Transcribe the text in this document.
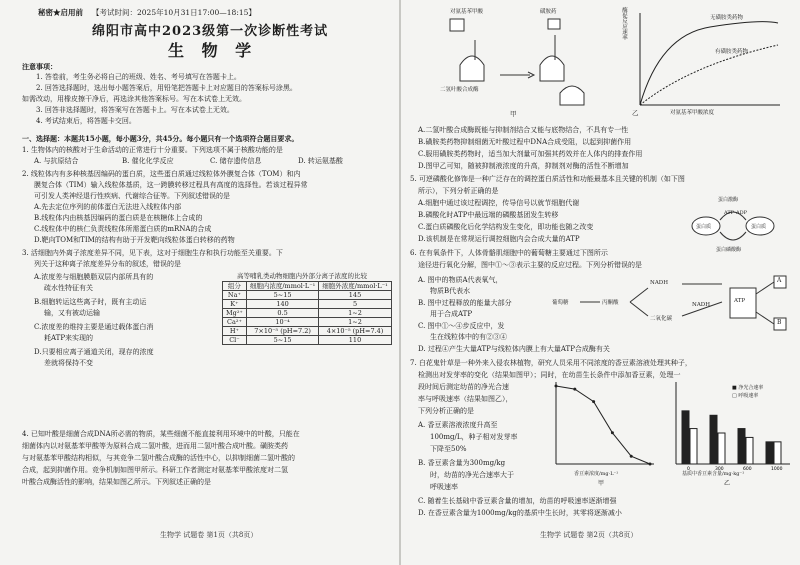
秘密★启用前 【考试时间：2025年10月31日17:00—18:15】
绵阳市高中2023级第一次诊断性考试
生 物 学
注意事项：
1. 答卷前，考生务必将自己的班级、姓名、考号填写在答题卡上。
2. 回答选择题时，选出每小题答案后，用铅笔把答题卡上对应题目的答案标号涂黑。
如需改动，用橡皮擦干净后，再选涂其他答案标号。写在本试卷上无效。
3. 回答非选择题时，将答案写在答题卡上。写在本试卷上无效。
4. 考试结束后，将答题卡交回。
一、选择题：本题共15小题，每小题3分，共45分。每小题只有一个选项符合题目要求。
1. 生物体内的核酸对于生命活动的正常进行十分重要。下列选项不属于核酸功能的是
A. 与抗原结合	B. 催化化学反应	C. 储存遗传信息	D. 转运氨基酸
2. 线粒体内有多种核基因编码的蛋白质，这些蛋白质通过线粒体外膜复合体（TOM）和内
膜复合体（TIM）输入线粒体基质，这一跨膜转移过程具有高度的选择性。若该过程异常
可引发人类神经退行性疾病、代谢综合征等。下列叙述错误的是
A.先去定位序列的前体蛋白无法进入线粒体内部
B.线粒体内由核基因编码的蛋白质是在核糖体上合成的
C.线粒体中的核仁负责线粒体所需蛋白质的mRNA的合成
D.靶向TOM和TIM的结构有助于开发靶向线粒体蛋白转移的药物
3. 活细胞内外离子浓度差异不同，见下表，这对于细胞生存和执行功能至关重要。下
列关于这种离子浓度差异分布的叙述，错误的是
A.浓度差与细胞膜脂双层内部所具有的
疏水性特征有关
B.细胞转运这些离子时，既有主动运
输，又有被动运输
C.浓度差的维持主要是通过载体蛋白消
耗ATP来实现的
D.只要相应离子通道关闭，现存的浓度
差就将保持不变
高等哺乳类动物细胞内外部分离子浓度的比较
组分	细胞内浓度/mmol·L⁻¹	细胞外浓度/mmol·L⁻¹
Na⁺	5~15	145
K⁺	140	5
Mg²⁺	0.5	1~2
Ca²⁺	10⁻⁴	1~2
H⁺	7×10⁻⁵ (pH=7.2)	4×10⁻⁵ (pH=7.4)
Cl⁻	5~15	110
4. 已知叶酸是细菌合成DNA所必需的物质，某些细菌不能直接利用环境中的叶酸，只能在
细菌体内以对氨基苯甲酸等为原料合成二氢叶酸，进而用二氢叶酸合成叶酸。磺胺类药
与对氨基苯甲酸结构相似，与其竞争二氢叶酸合成酶的活性中心，以抑制细菌二氢叶酸的
合成，起到抑菌作用。竞争机制如图甲所示。科研工作者测定对氨基苯甲酸浓度对二氢
叶酸合成酶活性的影响，结果如图乙所示。下列叙述正确的是
生物学 试题卷 第1页（共8页）
对氨基苯甲酸	磺胺药
二氢叶酸合成酶
甲
酶促反应速率	无磺胺类药物
有磺胺类药物
对氨基苯甲酸浓度
乙
A.二氢叶酸合成酶既能与抑制剂结合又能与底物结合，不具有专一性
B.磺胺类药物抑制细菌无叶酸过程中DNA合成受阻，以起到抑菌作用
C.服用磺胺类药物时，适当加大剂量可加强其药效并在人体内的排查作用
D.图甲乙可知，随被抑制液浓度的升高，抑制剂对酶的活性不断增加
5. 可逆磷酸化修饰是一种广泛存在的调控蛋白质活性和功能最基本且关键的机制（如下图
所示），下列分析正确的是
A.细胞中通过该过程调控，传导信号以就节细胞代谢
B.磷酸化时ATP中最远端的磷酸基团发生转移
C.蛋白质磷酸化后化学结构发生变化，即功能也随之改变
D.该机制是在常规运行调控细胞内会合成大量的ATP
蛋白激酶
蛋白磷酸酶
蛋白质	蛋白质
ATP ADP
6. 在有氧条件下，人体骨骼肌细胞中的葡萄糖主要通过下图所示
途径进行氧化分解，图中①～③表示主要的反应过程。下列分析错误的是
A. 图中的物质A代表氧气，
物质B代表水
B. 图中过程释放的能量大部分
用于合成ATP
C. 图中①～④步反应中，发
生在线粒体中的有②③④
D. 过程④产生大量ATP与线粒体内膜上有大量ATP合成酶有关
葡萄糖	丙酮酸
NADH
NADH
二氧化碳
A
B
ATP
7. 白花鬼针草是一种外来入侵农林植物，研究人员采用不同浓度的香豆素溶液处理其种子，
检测出对发芽率的变化（结果如图甲）；同时，在幼苗生长条件中添加香豆素，处理一
段时间后测定幼苗的净光合速
率与呼吸速率（结果如图乙），
下列分析正确的是
A. 香豆素溶液浓度升高至
100mg/L，种子相对发芽率
下降至50%
B. 香豆素含量为300mg/kg
时，幼苗的净光合速率大于
呼吸速率
C. 随着生长基础中香豆素含量的增加，幼苗的呼吸速率逐渐增强
D. 在香豆素含量为1000mg/kg的基质中生长时，其零将逐渐减小
香豆素浓度/mg·L⁻¹
甲
0	300	600	1000
■ 净光合速率
□ 呼吸速率
基质中香豆素含量/mg·kg⁻¹
乙
生物学 试题卷 第2页（共8页）
